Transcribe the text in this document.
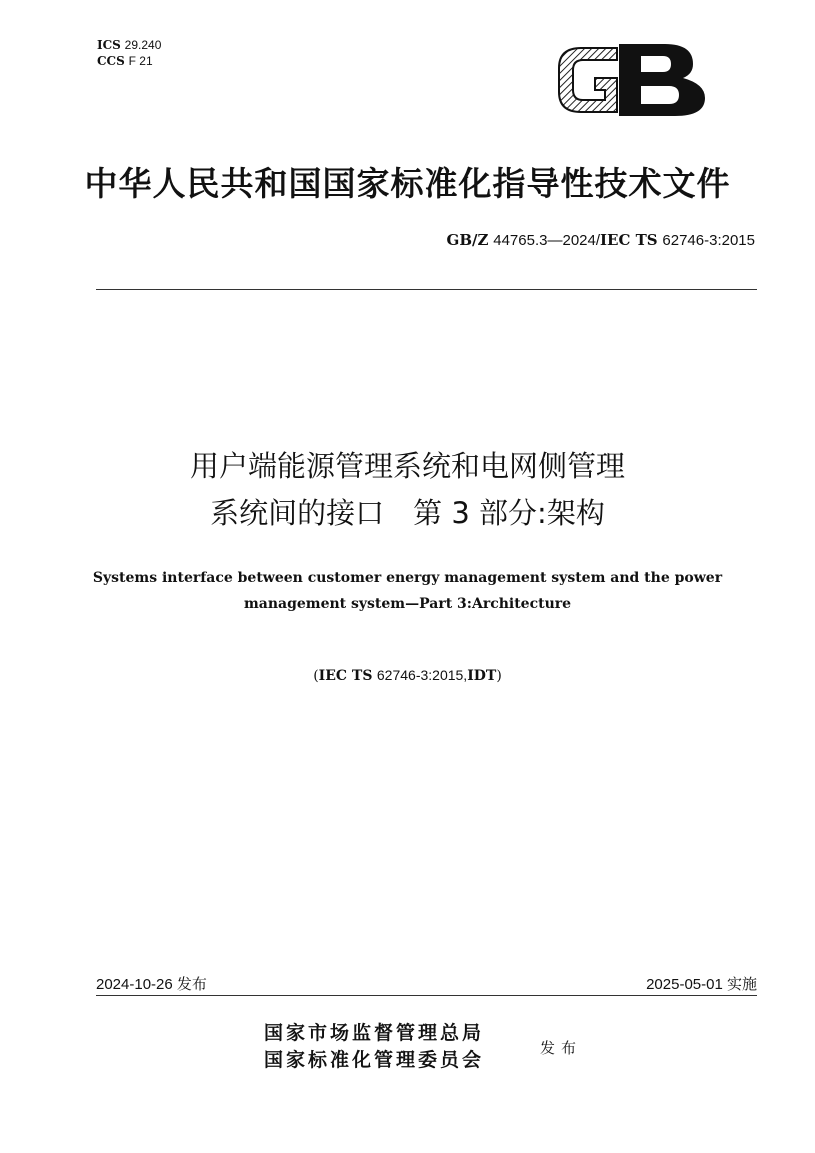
ICS 29.240
CCS F 21
中华人民共和国国家标准化指导性技术文件
GB/Z 44765.3—2024/IEC TS 62746-3:2015
用户端能源管理系统和电网侧管理
系统间的接口　第 3 部分:架构
Systems interface between customer energy management system and the power
management system—Part 3:Architecture
(IEC TS 62746-3:2015,IDT)
2024-10-26 发布	2025-05-01 实施
国家市场监督管理总局
国家标准化管理委员会
发布
